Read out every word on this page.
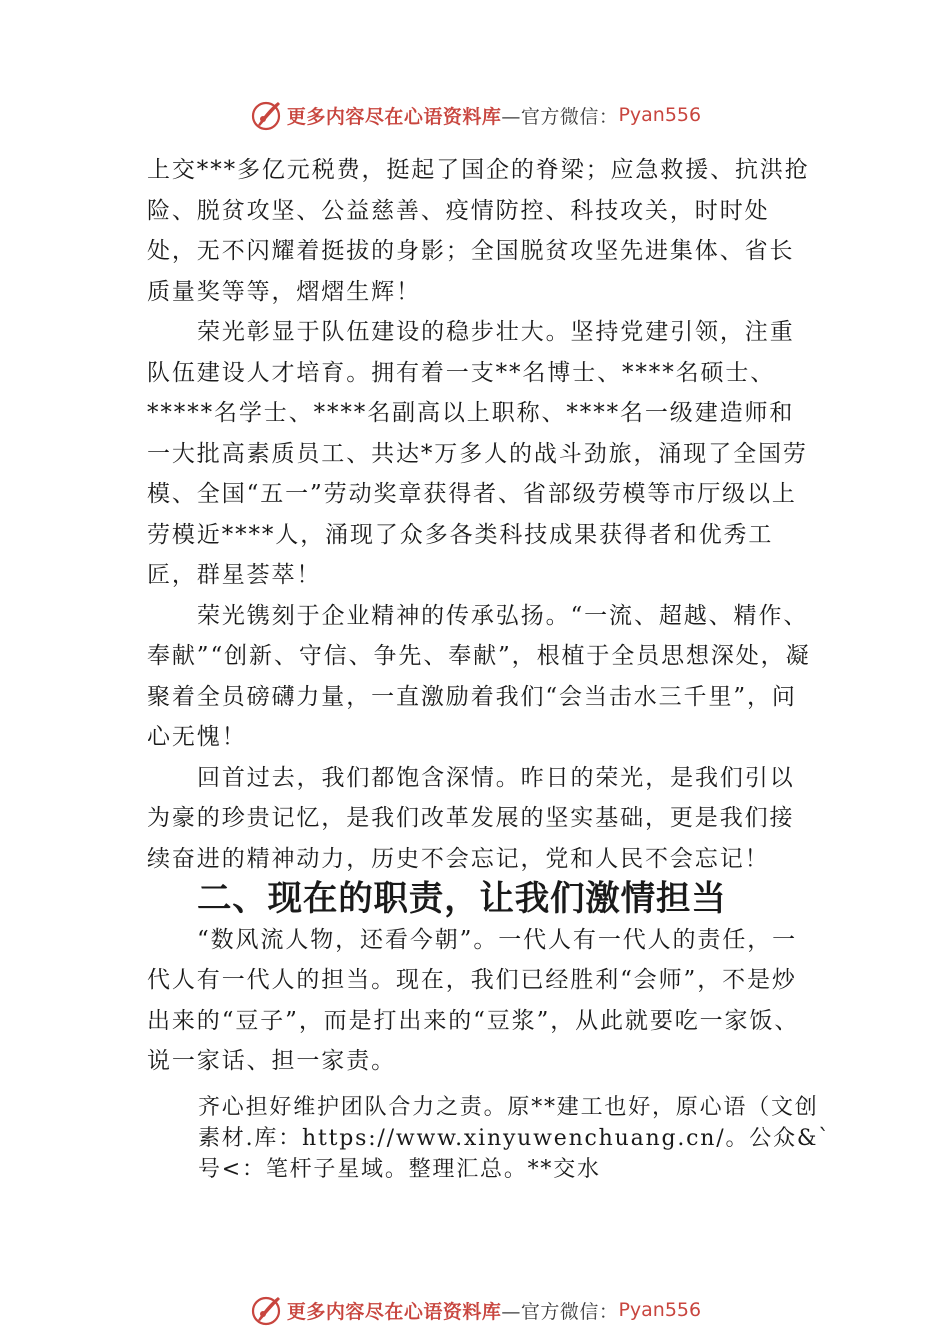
更多内容尽在心语资料库 —官方微信： Pyan556

上交***多亿元税费，挺起了国企的脊梁；应急救援、抗洪抢险、脱贫攻坚、公益慈善、疫情防控、科技攻关，时时处处，无不闪耀着挺拔的身影；全国脱贫攻坚先进集体、省长质量奖等等，熠熠生辉！

荣光彰显于队伍建设的稳步壮大。坚持党建引领，注重队伍建设人才培育。拥有着一支**名博士、****名硕士、*****名学士、****名副高以上职称、****名一级建造师和一大批高素质员工、共达*万多人的战斗劲旅，涌现了全国劳模、全国“五一”劳动奖章获得者、省部级劳模等市厅级以上劳模近****人，涌现了众多各类科技成果获得者和优秀工匠，群星荟萃！

荣光镌刻于企业精神的传承弘扬。“一流、超越、精作、奉献”“创新、守信、争先、奉献”，根植于全员思想深处，凝聚着全员磅礴力量，一直激励着我们“会当击水三千里”，问心无愧！

回首过去，我们都饱含深情。昨日的荣光，是我们引以为豪的珍贵记忆，是我们改革发展的坚实基础，更是我们接续奋进的精神动力，历史不会忘记，党和人民不会忘记！

二、现在的职责，让我们激情担当

“数风流人物，还看今朝”。一代人有一代人的责任，一代人有一代人的担当。现在，我们已经胜利“会师”，不是炒出来的“豆子”，而是打出来的“豆浆”，从此就要吃一家饭、说一家话、担一家责。

齐心担好维护团队合力之责。原**建工也好，原心语（文创素材.库：https://www.xinyuwenchuang.cn/。公众&`号<：笔杆子星域。整理汇总。**交水

更多内容尽在心语资料库 —官方微信： Pyan556
